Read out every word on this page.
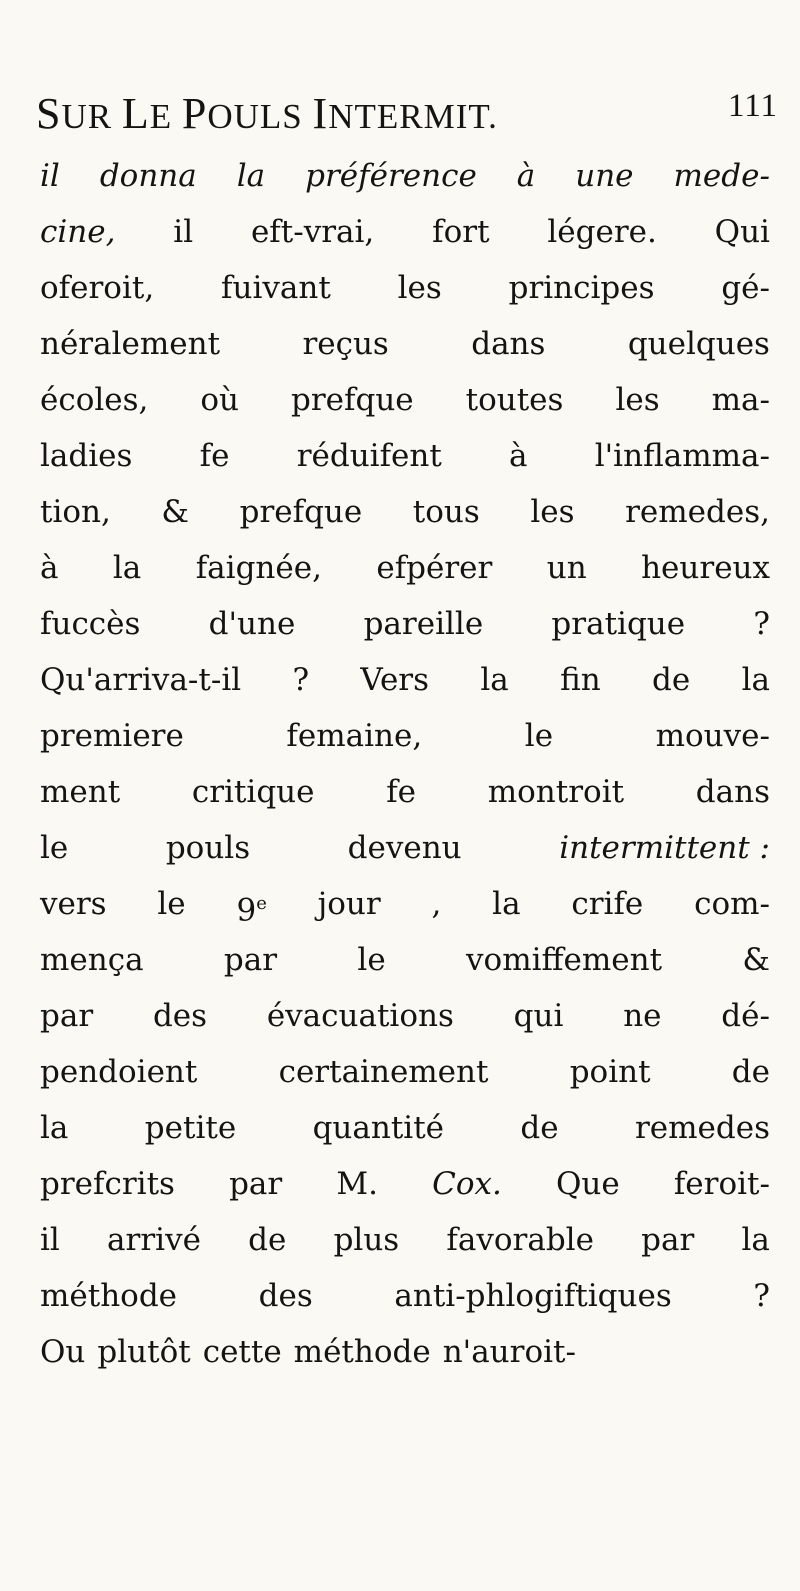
SUR LE POULS INTERMIT.	111
il donna la préférence à une mede-
cine, il eft-vrai, fort légere. Qui
oferoit, fuivant les principes gé-
néralement	reçus	dans	quelques
écoles, où prefque toutes les ma-
ladies fe réduifent à l'inflamma-
tion, & prefque tous les remedes,
à la faignée, efpérer un heureux
fuccès d'une pareille pratique ?
Qu'arriva-t-il ? Vers la fin de la
premiere	femaine,	le	mouve-
ment critique fe montroit dans
le	pouls	devenu	intermittent :
vers le 9e jour , la crife com-
mença	par	le	vomiffement	&
par des évacuations qui ne dé-
pendoient	certainement	point	de
la petite quantité de remedes
prefcrits par M. Cox. Que feroit-
il arrivé de plus favorable par la
méthode	des	anti-phlogiftiques	?
Ou plutôt cette méthode n'auroit-
